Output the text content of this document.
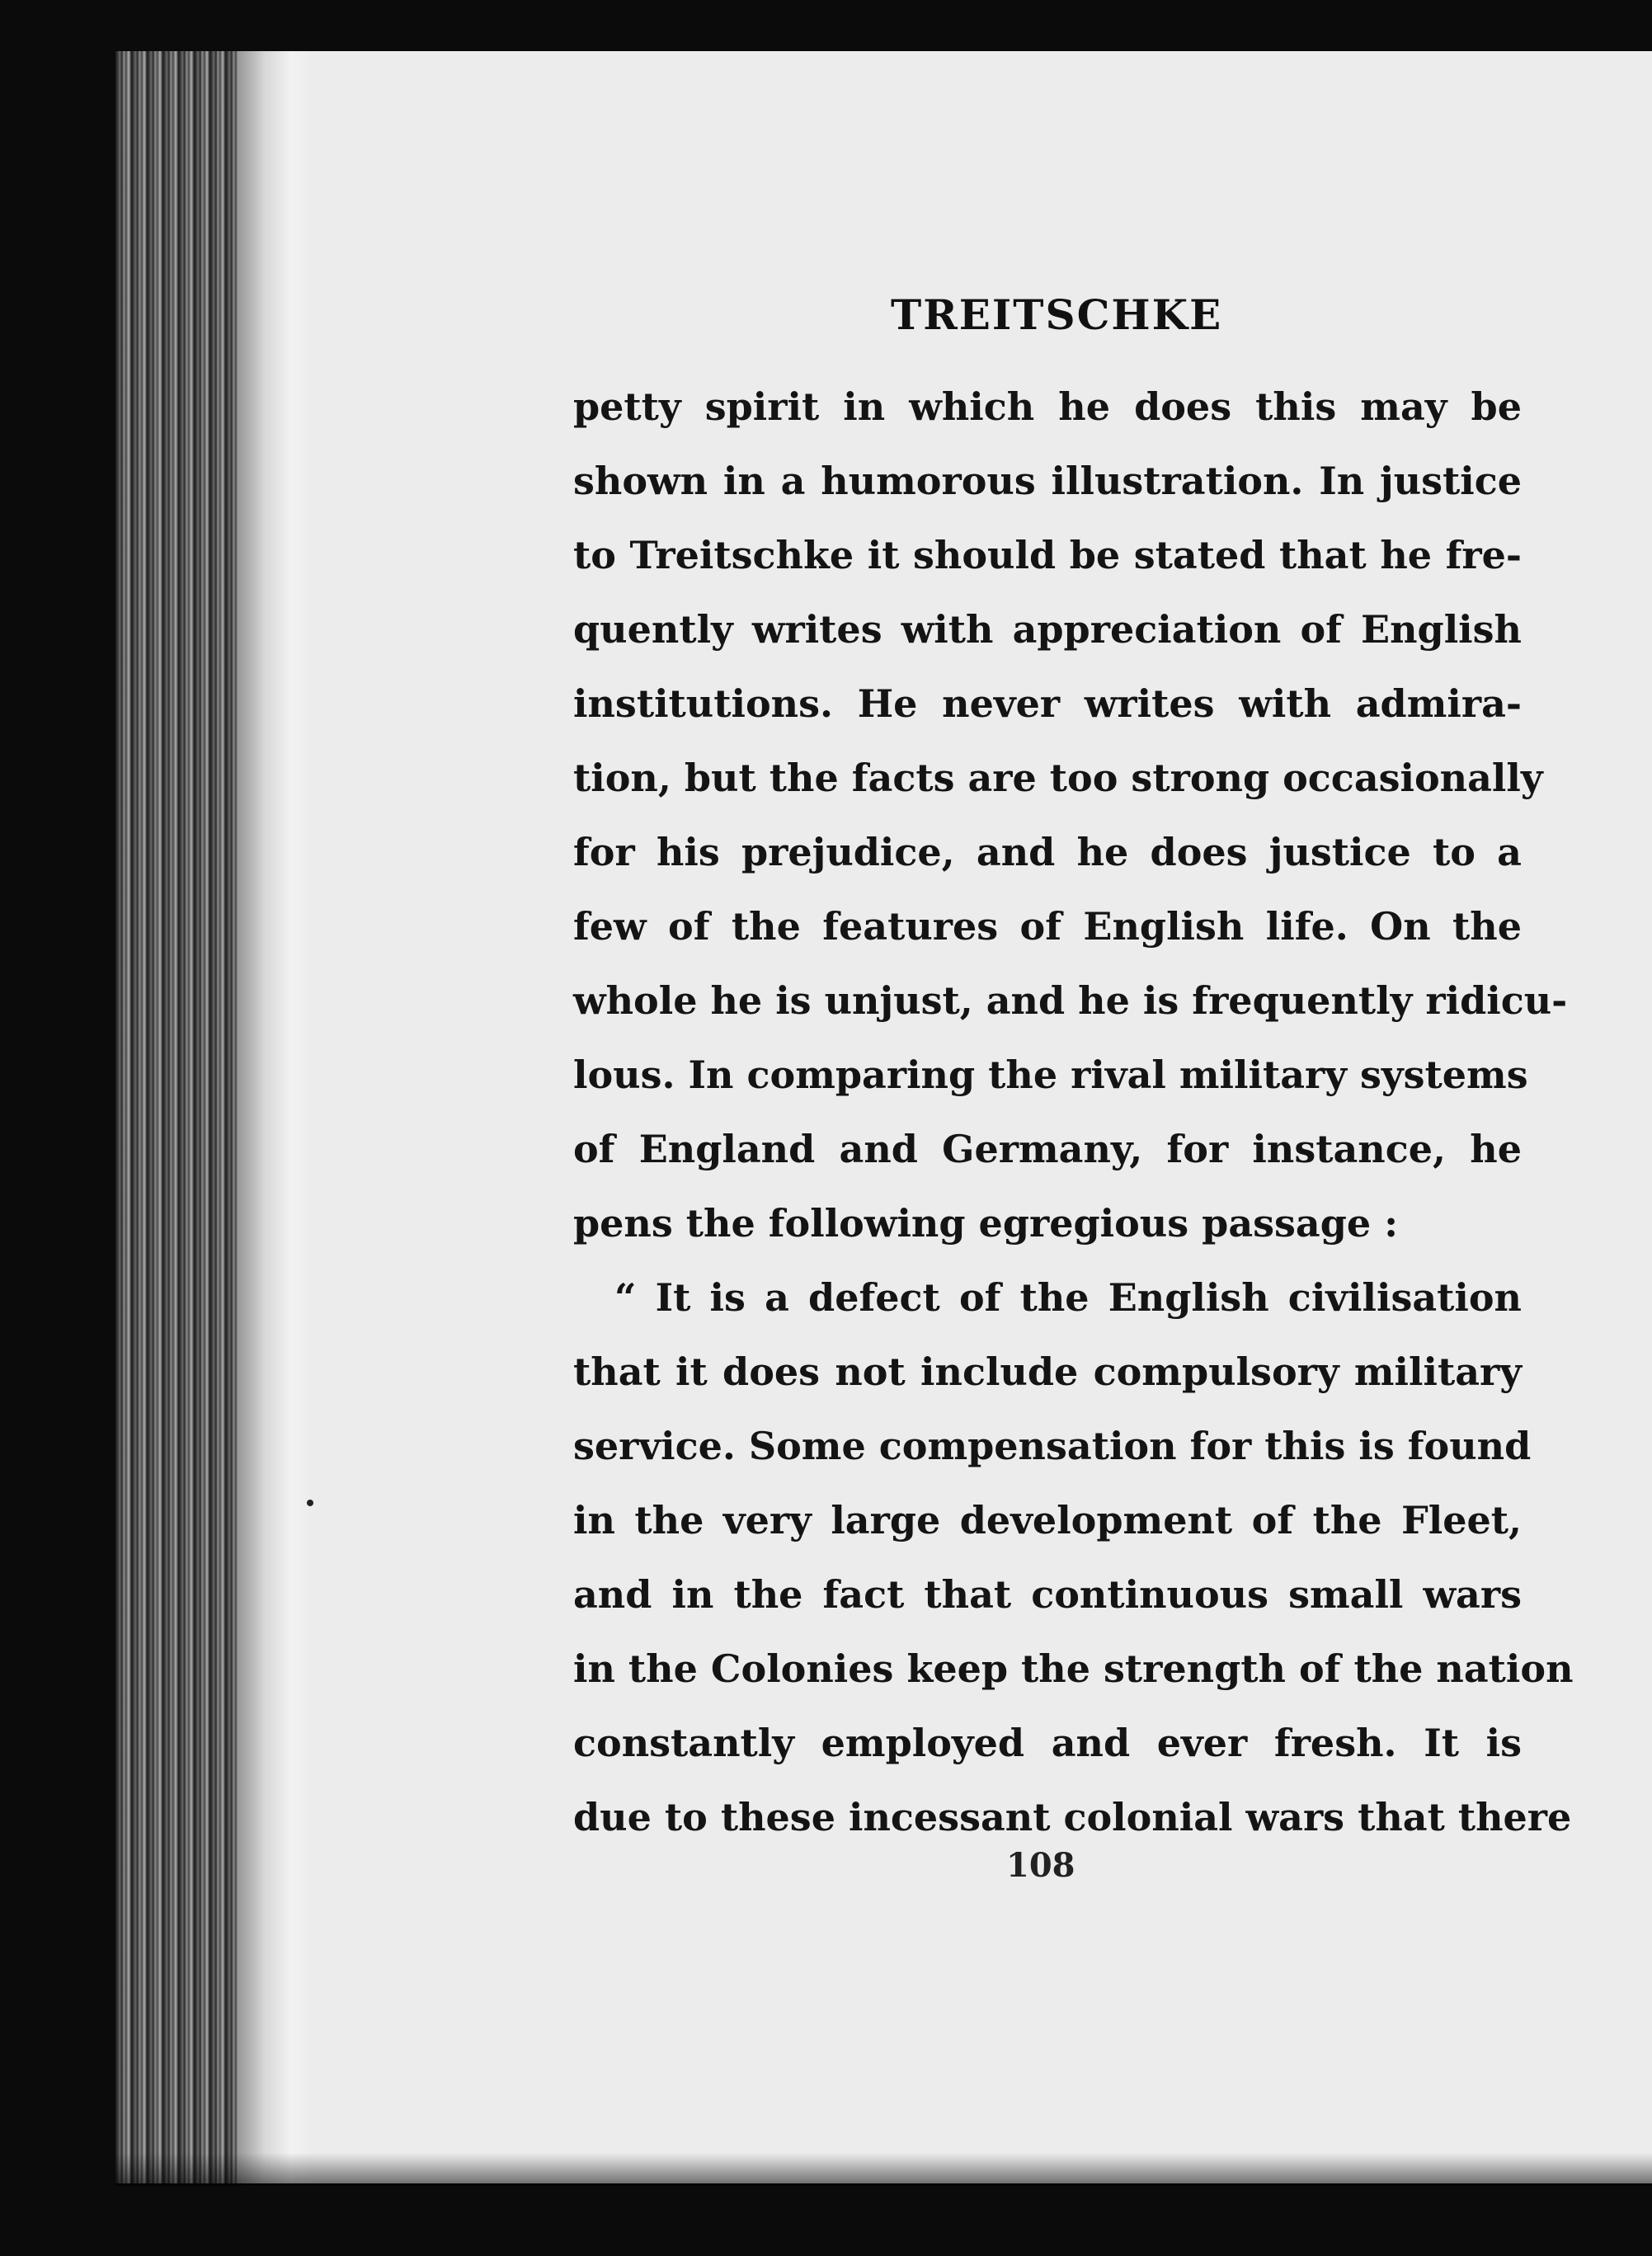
TREITSCHKE
petty spirit in which he does this may be
shown in a humorous illustration. In justice
to Treitschke it should be stated that he fre-
quently writes with appreciation of English
institutions. He never writes with admira-
tion, but the facts are too strong occasionally
for his prejudice, and he does justice to a
few of the features of English life. On the
whole he is unjust, and he is frequently ridicu-
lous. In comparing the rival military systems
of England and Germany, for instance, he
pens the following egregious passage :
“ It is a defect of the English civilisation
that it does not include compulsory military
service. Some compensation for this is found
in the very large development of the Fleet,
and in the fact that continuous small wars
in the Colonies keep the strength of the nation
constantly employed and ever fresh. It is
due to these incessant colonial wars that there
108
